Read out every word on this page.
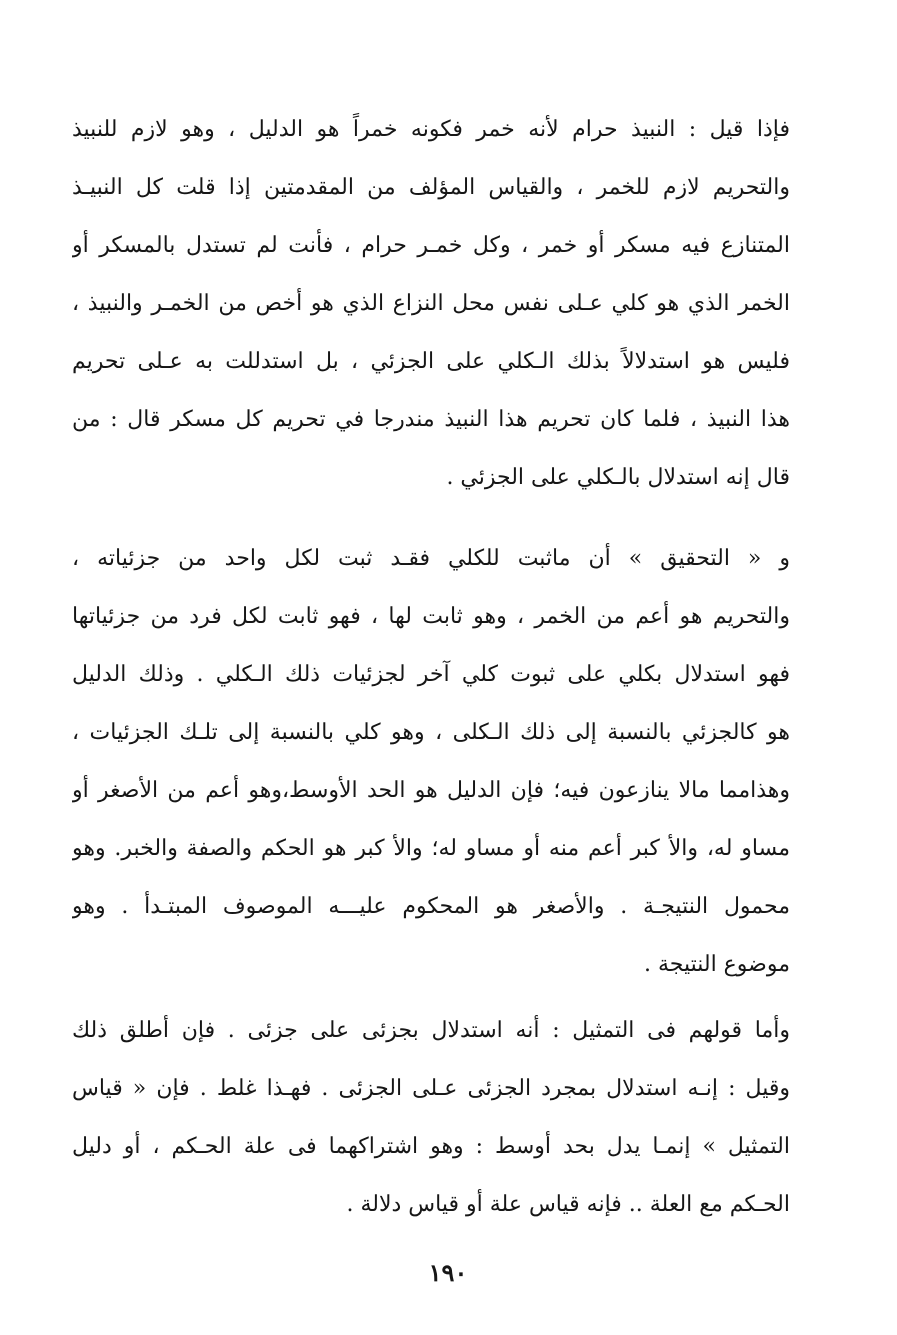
فإذا قيل : النبيذ حرام لأنه خمر فكونه خمراً هو الدليل ، وهو لازم للنبيذ
والتحريم لازم للخمر ، والقياس المؤلف من المقدمتين إذا قلت كل النبيـذ
المتنازع فيه مسكر أو خمر ، وكل خمـر حرام ، فأنت لم تستدل بالمسكر أو
الخمر الذي هو كلي عـلى نفس محل النزاع الذي هو أخص من الخمـر والنبيذ ،
فليس هو استدلالاً بذلك الـكلي على الجزئي ، بل استدللت به عـلى تحريم
هذا النبيذ ، فلما كان تحريم هذا النبيذ مندرجا في تحريم كل مسكر قال : من
قال إنه استدلال بالـكلي على الجزئي .
و « التحقيق » أن ماثبت للكلي فقـد ثبت لكل واحد من جزئياته ،
والتحريم هو أعم من الخمر ، وهو ثابت لها ، فهو ثابت لكل فرد من جزئياتها
فهو استدلال بكلي على ثبوت كلي آخر لجزئيات ذلك الـكلي . وذلك الدليل
هو كالجزئي بالنسبة إلى ذلك الـكلى ، وهو كلي بالنسبة إلى تلـك الجزئيات ،
وهذامما مالا ينازعون فيه؛ فإن الدليل هو الحد الأوسط،وهو أعم من الأصغر أو
مساو له، والأ كبر أعم منه أو مساو له؛ والأ كبر هو الحكم والصفة والخبر. وهو
محمول النتيجـة . والأصغر هو المحكوم عليـــه الموصوف المبتـدأ . وهو
موضوع النتيجة .
وأما قولهم فى التمثيل : أنه استدلال بجزئى على جزئى . فإن أطلق ذلك
وقيل : إنـه استدلال بمجرد الجزئى عـلى الجزئى . فهـذا غلط . فإن « قياس
التمثيل » إنمـا يدل بحد أوسط : وهو اشتراكهما فى علة الحـكم ، أو دليل
الحـكم مع العلة .. فإنه قياس علة أو قياس دلالة .
١٩٠
